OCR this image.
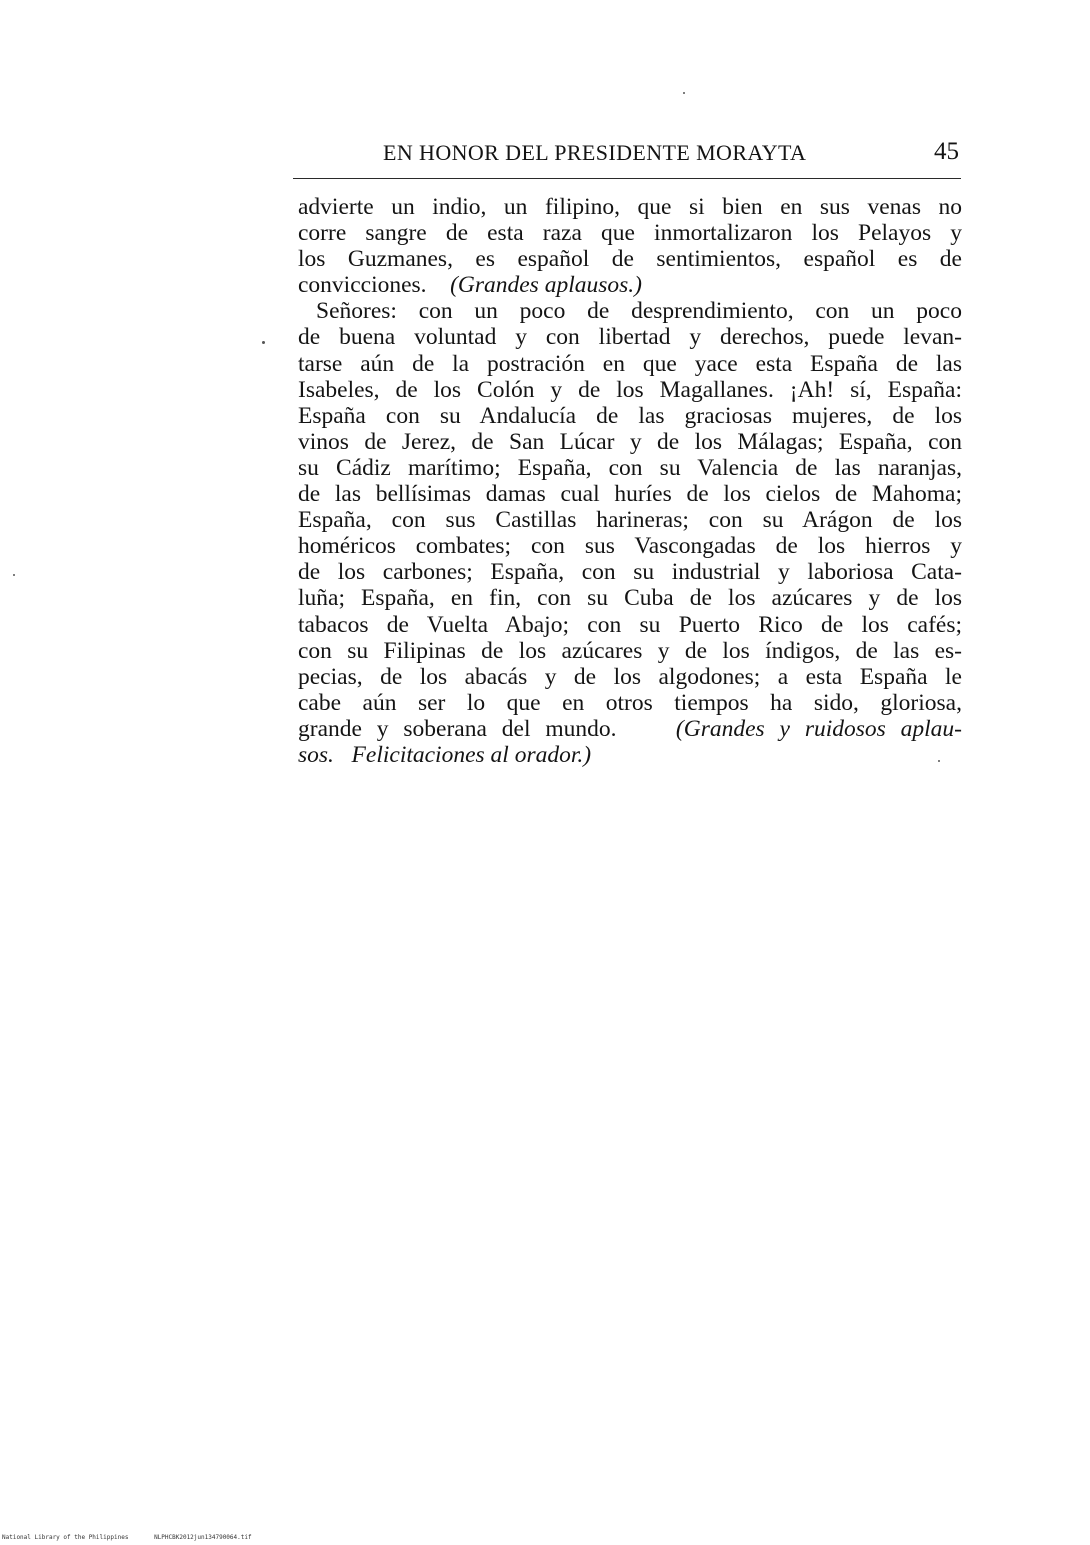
EN HONOR DEL PRESIDENTE MORAYTA	45
advierte un indio, un filipino, que si bien en sus venas no
corre sangre de esta raza que inmortalizaron los Pelayos y
los Guzmanes, es español de sentimientos, español es de
convicciones. (Grandes aplausos.)
Señores: con un poco de desprendimiento, con un poco
de buena voluntad y con libertad y derechos, puede levan-
tarse aún de la postración en que yace esta España de las
Isabeles, de los Colón y de los Magallanes. ¡Ah! sí, España:
España con su Andalucía de las graciosas mujeres, de los
vinos de Jerez, de San Lúcar y de los Málagas; España, con
su Cádiz marítimo; España, con su Valencia de las naranjas,
de las bellísimas damas cual huríes de los cielos de Mahoma;
España, con sus Castillas harineras; con su Arágon de los
homéricos combates; con sus Vascongadas de los hierros y
de los carbones; España, con su industrial y laboriosa Cata-
luña; España, en fin, con su Cuba de los azúcares y de los
tabacos de Vuelta Abajo; con su Puerto Rico de los cafés;
con su Filipinas de los azúcares y de los índigos, de las es-
pecias, de los abacás y de los algodones; a esta España le
cabe aún ser lo que en otros tiempos ha sido, gloriosa,
grande y soberana del mundo.	(Grandes y ruidosos aplau-
sos. Felicitaciones al orador.)
National Library of the Philippines	NLPHCBK2012jun134790064.tif
